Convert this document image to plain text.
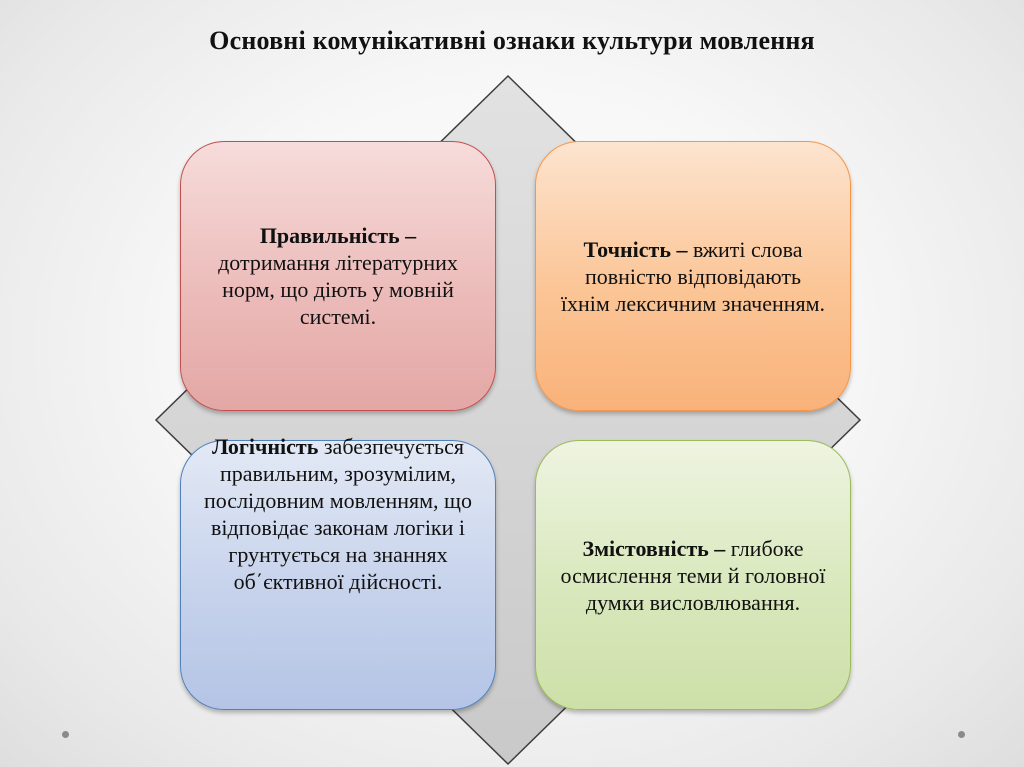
Основні комунікативні ознаки культури мовлення
Правильність – дотримання літературних норм, що діють у мовній системі.
Точність – вжиті слова повністю відповідають їхнім лексичним значенням.
Логічність забезпечується правильним, зрозумілим, послідовним мовленням, що відповідає законам логіки і грунтується на знаннях об΄єктивної дійсності.
Змістовність – глибоке осмислення теми й головної думки висловлювання.
